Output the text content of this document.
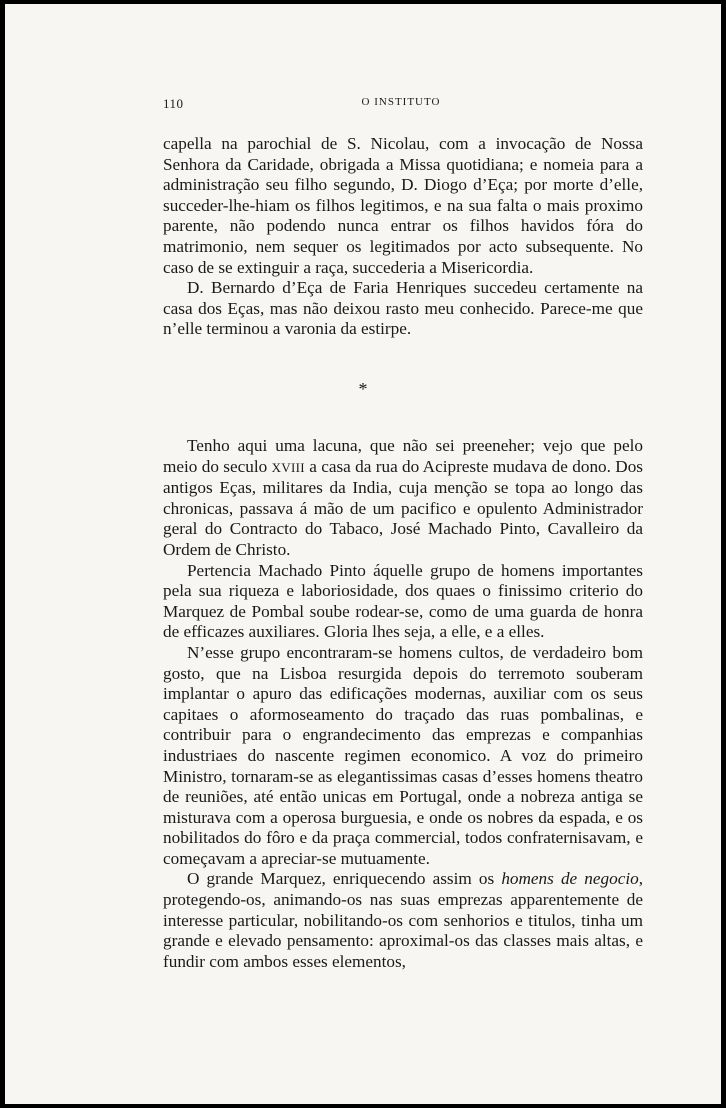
110	O INSTITUTO

capella na parochial de S. Nicolau, com a invocação de Nossa Senhora da Caridade, obrigada a Missa quotidiana; e nomeia para a administração seu filho segundo, D. Diogo d’Eça; por morte d’elle, succeder-lhe-hiam os filhos legitimos, e na sua falta o mais proximo parente, não podendo nunca entrar os filhos havidos fóra do matrimonio, nem sequer os legitimados por acto subsequente. No caso de se extinguir a raça, succederia a Misericordia.

D. Bernardo d’Eça de Faria Henriques succedeu certamente na casa dos Eças, mas não deixou rasto meu conhecido. Parece-me que n’elle terminou a varonia da estirpe.

*

Tenho aqui uma lacuna, que não sei preeneher; vejo que pelo meio do seculo XVIII a casa da rua do Acipreste mudava de dono. Dos antigos Eças, militares da India, cuja menção se topa ao longo das chronicas, passava á mão de um pacifico e opulento Administrador geral do Contracto do Tabaco, José Machado Pinto, Cavalleiro da Ordem de Christo.

Pertencia Machado Pinto áquelle grupo de homens importantes pela sua riqueza e laboriosidade, dos quaes o finissimo criterio do Marquez de Pombal soube rodear-se, como de uma guarda de honra de efficazes auxiliares. Gloria lhes seja, a elle, e a elles.

N’esse grupo encontraram-se homens cultos, de verdadeiro bom gosto, que na Lisboa resurgida depois do terremoto souberam implantar o apuro das edificações modernas, auxiliar com os seus capitaes o aformoseamento do traçado das ruas pombalinas, e contribuir para o engrandecimento das emprezas e companhias industriaes do nascente regimen economico. A voz do primeiro Ministro, tornaram-se as elegantissimas casas d’esses homens theatro de reuniões, até então unicas em Portugal, onde a nobreza antiga se misturava com a operosa burguesia, e onde os nobres da espada, e os nobilitados do fôro e da praça commercial, todos confraternisavam, e começavam a apreciar-se mutuamente.

O grande Marquez, enriquecendo assim os homens de negocio, protegendo-os, animando-os nas suas emprezas apparentemente de interesse particular, nobilitando-os com senhorios e titulos, tinha um grande e elevado pensamento: aproximal-os das classes mais altas, e fundir com ambos esses elementos,
